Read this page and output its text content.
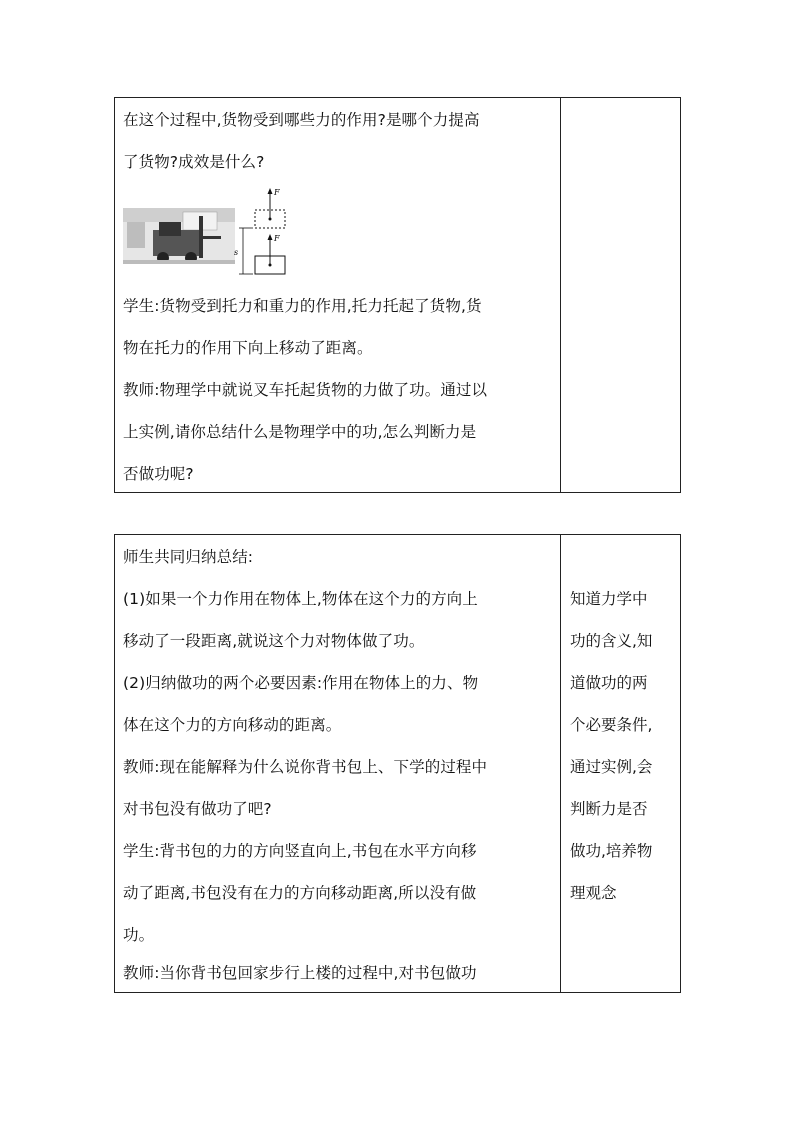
在这个过程中,货物受到哪些力的作用?是哪个力提高
了货物?成效是什么?
F
F
s
学生:货物受到托力和重力的作用,托力托起了货物,货
物在托力的作用下向上移动了距离。
教师:物理学中就说叉车托起货物的力做了功。通过以
上实例,请你总结什么是物理学中的功,怎么判断力是
否做功呢?
师生共同归纳总结:
(1)如果一个力作用在物体上,物体在这个力的方向上
移动了一段距离,就说这个力对物体做了功。
(2)归纳做功的两个必要因素:作用在物体上的力、物
体在这个力的方向移动的距离。
教师:现在能解释为什么说你背书包上、下学的过程中
对书包没有做功了吧?
学生:背书包的力的方向竖直向上,书包在水平方向移
动了距离,书包没有在力的方向移动距离,所以没有做
功。
教师:当你背书包回家步行上楼的过程中,对书包做功
知道力学中
功的含义,知
道做功的两
个必要条件,
通过实例,会
判断力是否
做功,培养物
理观念
